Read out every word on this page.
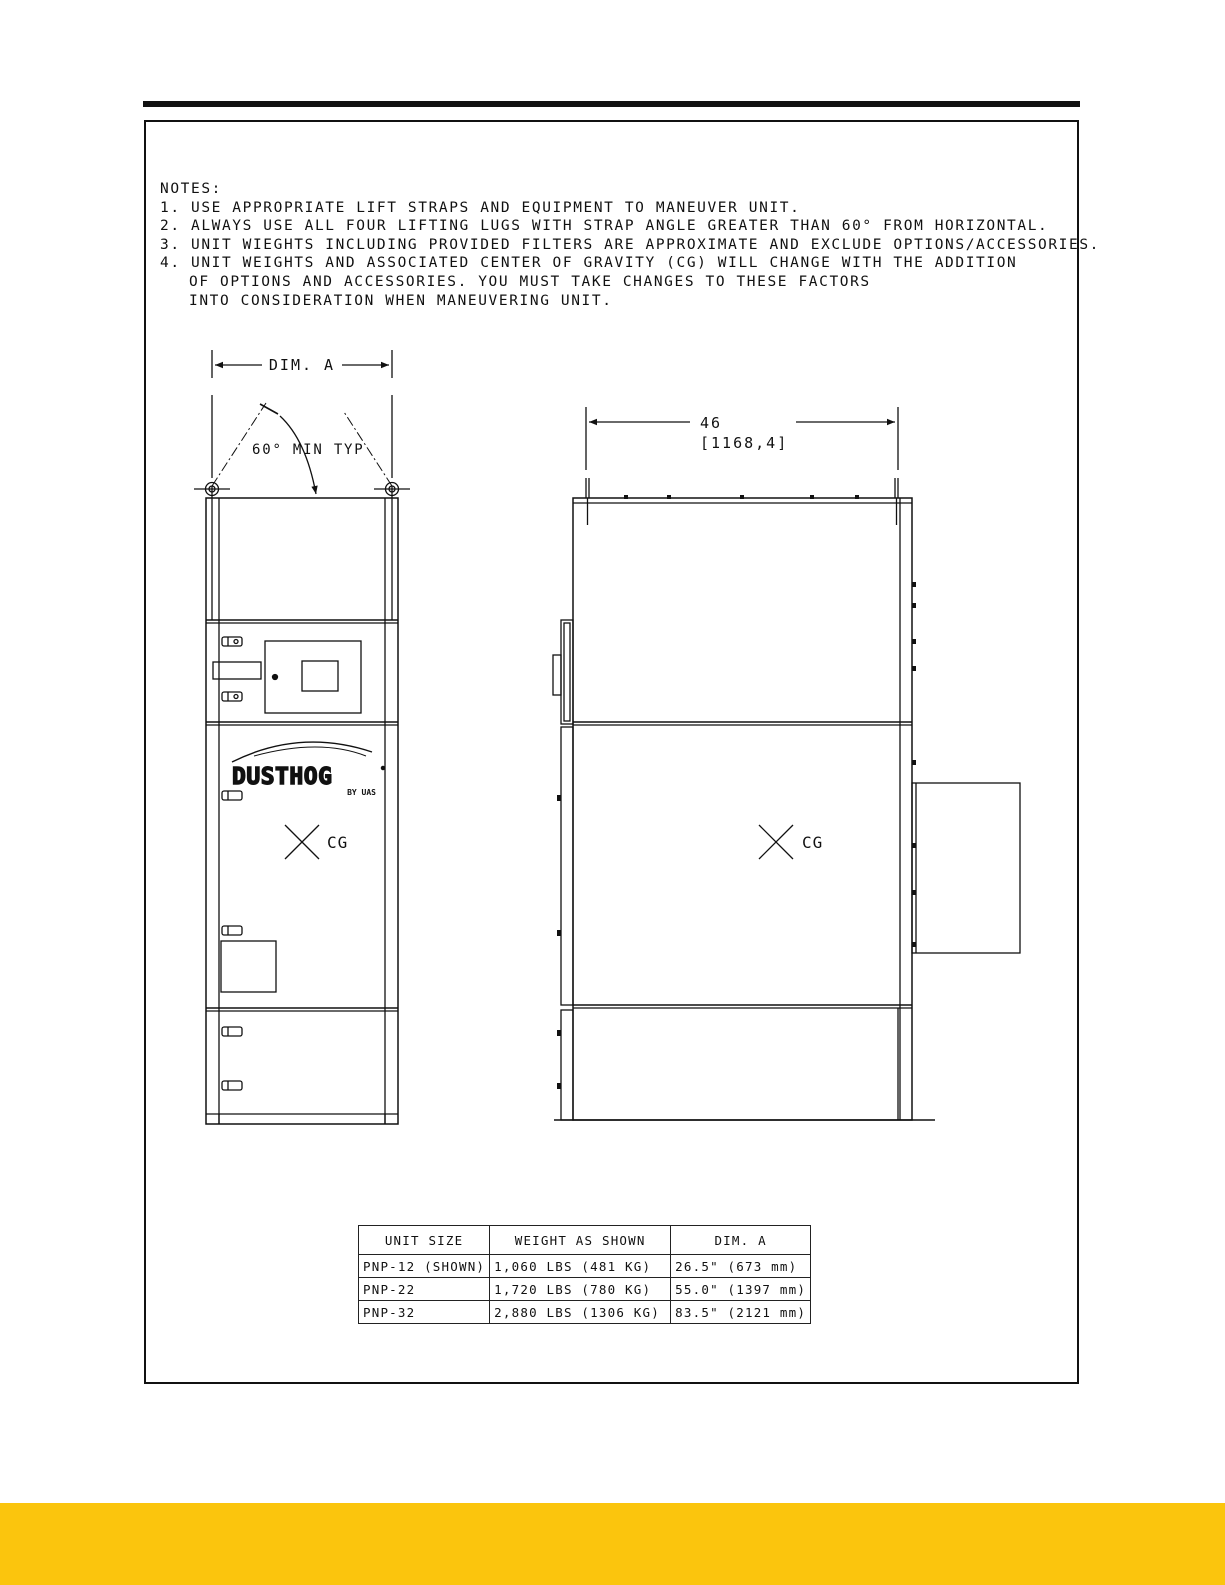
NOTES:
1. USE APPROPRIATE LIFT STRAPS AND EQUIPMENT TO MANEUVER UNIT.
2. ALWAYS USE ALL FOUR LIFTING LUGS WITH STRAP ANGLE GREATER THAN 60° FROM HORIZONTAL.
3. UNIT WIEGHTS INCLUDING PROVIDED FILTERS ARE APPROXIMATE AND EXCLUDE OPTIONS/ACCESSORIES.
4. UNIT WEIGHTS AND ASSOCIATED CENTER OF GRAVITY (CG) WILL CHANGE WITH THE ADDITION
OF OPTIONS AND ACCESSORIES. YOU MUST TAKE CHANGES TO THESE FACTORS
INTO CONSIDERATION WHEN MANEUVERING UNIT.
DIM. A
60° MIN TYP
DUSTHOG
BY UAS
CG
46
[1168,4]
CG
UNIT SIZE	WEIGHT AS SHOWN	DIM. A
PNP-12 (SHOWN)	1,060 LBS (481 KG)	26.5" (673 mm)
PNP-22	1,720 LBS (780 KG)	55.0" (1397 mm)
PNP-32	2,880 LBS (1306 KG)	83.5" (2121 mm)
